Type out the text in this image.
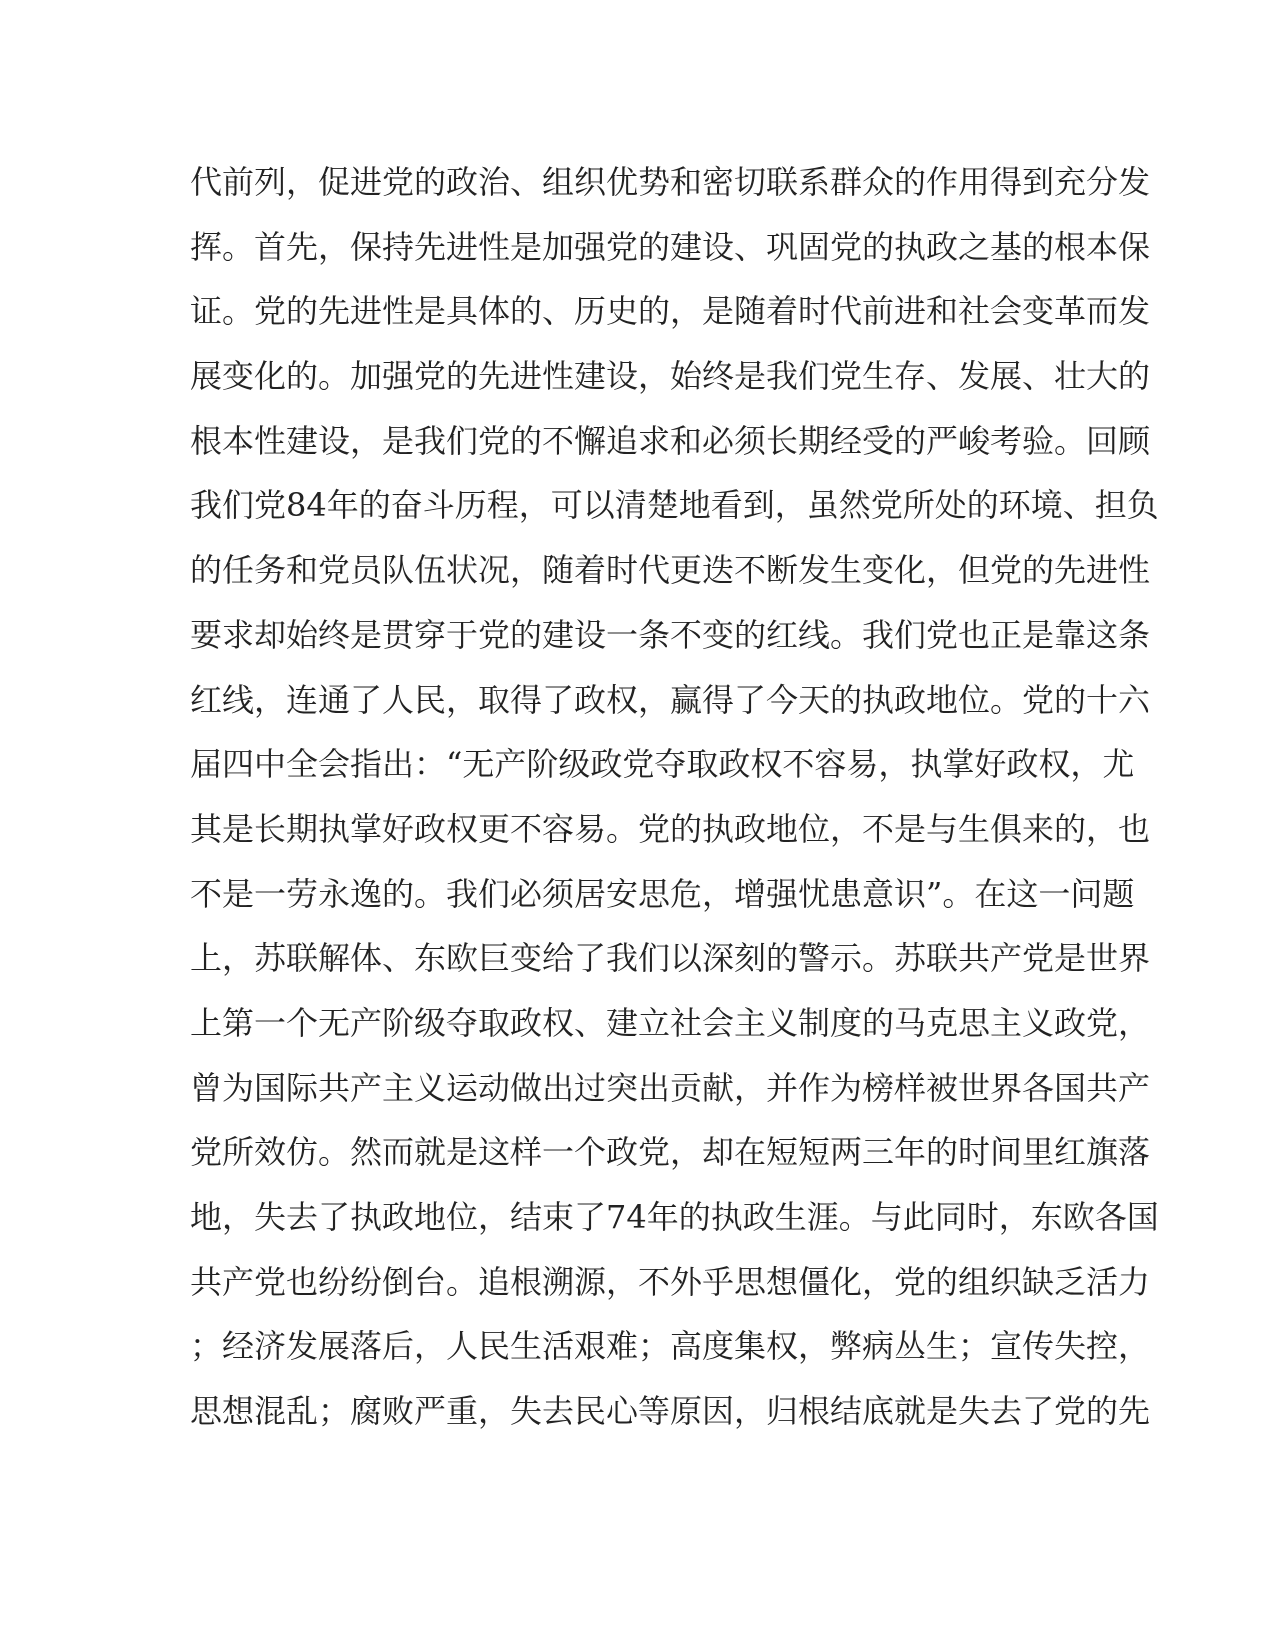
代前列，促进党的政治、组织优势和密切联系群众的作用得到充分发
挥。首先，保持先进性是加强党的建设、巩固党的执政之基的根本保
证。党的先进性是具体的、历史的，是随着时代前进和社会变革而发
展变化的。加强党的先进性建设，始终是我们党生存、发展、壮大的
根本性建设，是我们党的不懈追求和必须长期经受的严峻考验。回顾
我们党84年的奋斗历程，可以清楚地看到，虽然党所处的环境、担负
的任务和党员队伍状况，随着时代更迭不断发生变化，但党的先进性
要求却始终是贯穿于党的建设一条不变的红线。我们党也正是靠这条
红线，连通了人民，取得了政权，赢得了今天的执政地位。党的十六
届四中全会指出：“无产阶级政党夺取政权不容易，执掌好政权，尤
其是长期执掌好政权更不容易。党的执政地位，不是与生俱来的，也
不是一劳永逸的。我们必须居安思危，增强忧患意识”。在这一问题
上，苏联解体、东欧巨变给了我们以深刻的警示。苏联共产党是世界
上第一个无产阶级夺取政权、建立社会主义制度的马克思主义政党，
曾为国际共产主义运动做出过突出贡献，并作为榜样被世界各国共产
党所效仿。然而就是这样一个政党，却在短短两三年的时间里红旗落
地，失去了执政地位，结束了74年的执政生涯。与此同时，东欧各国
共产党也纷纷倒台。追根溯源，不外乎思想僵化，党的组织缺乏活力
；经济发展落后，人民生活艰难；高度集权，弊病丛生；宣传失控，
思想混乱；腐败严重，失去民心等原因，归根结底就是失去了党的先
